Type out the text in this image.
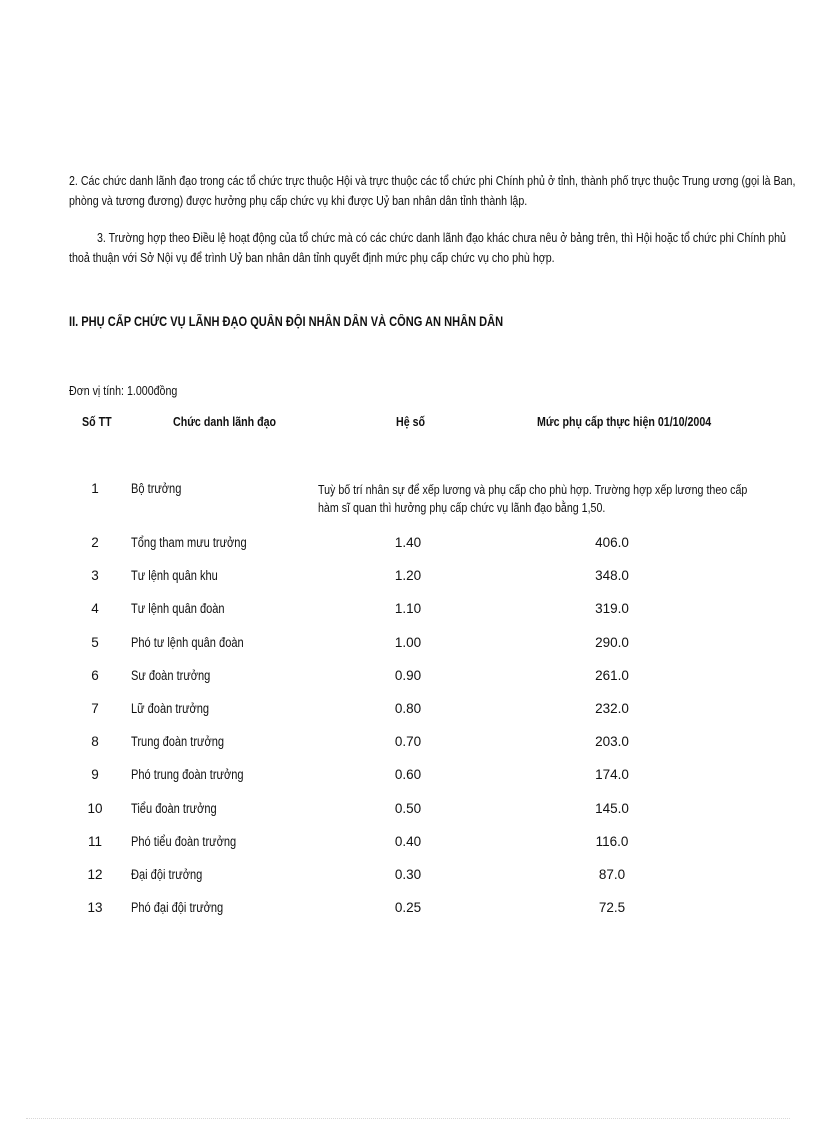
2. Các chức danh lãnh đạo trong các tổ chức trực thuộc Hội và trực thuộc các tổ chức phi Chính phủ ở tỉnh, thành phố trực thuộc Trung ương (gọi là Ban,
phòng và tương đương) được hưởng phụ cấp chức vụ khi được Uỷ ban nhân dân tỉnh thành lập.
3. Trường hợp theo Điều lệ hoạt động của tổ chức mà có các chức danh lãnh đạo khác chưa nêu ở bảng trên, thì Hội hoặc tổ chức phi Chính phủ
thoả thuận với Sở Nội vụ để trình Uỷ ban nhân dân tỉnh quyết định mức phụ cấp chức vụ cho phù hợp.
II. PHỤ CẤP CHỨC VỤ LÃNH ĐẠO QUÂN ĐỘI NHÂN DÂN VÀ CÔNG AN NHÂN DÂN
Đơn vị tính: 1.000đồng
Số TT	Chức danh lãnh đạo	Hệ số	Mức phụ cấp thực hiện 01/10/2004
1	Bộ trưởng	Tuỳ bố trí nhân sự để xếp lương và phụ cấp cho phù hợp. Trường hợp xếp lương theo cấp
hàm sĩ quan thì hưởng phụ cấp chức vụ lãnh đạo bằng 1,50.
2	Tổng tham mưu trưởng	1.40	406.0
3	Tư lệnh quân khu	1.20	348.0
4	Tư lệnh quân đoàn	1.10	319.0
5	Phó tư lệnh quân đoàn	1.00	290.0
6	Sư đoàn trưởng	0.90	261.0
7	Lữ đoàn trưởng	0.80	232.0
8	Trung đoàn trưởng	0.70	203.0
9	Phó trung đoàn trưởng	0.60	174.0
10	Tiểu đoàn trưởng	0.50	145.0
11	Phó tiểu đoàn trưởng	0.40	116.0
12	Đại đội trưởng	0.30	87.0
13	Phó đại đội trưởng	0.25	72.5
